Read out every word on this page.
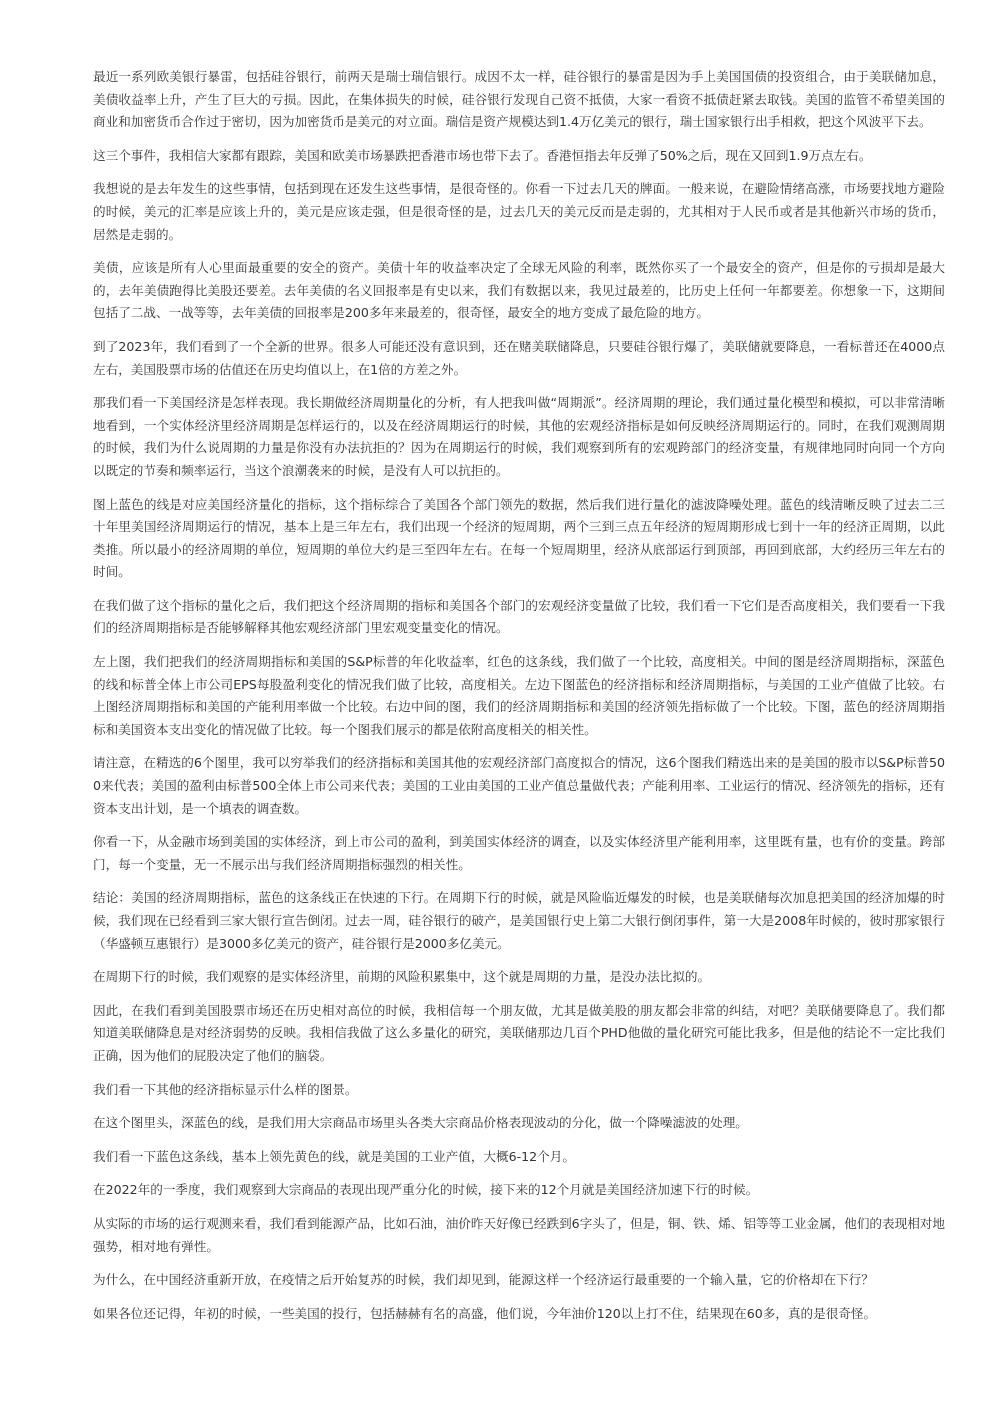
最近一系列欧美银行暴雷，包括硅谷银行，前两天是瑞士瑞信银行。成因不太一样，硅谷银行的暴雷是因为手上美国国债的投资组合，由于美联储加息，美债收益率上升，产生了巨大的亏损。因此，在集体损失的时候，硅谷银行发现自己资不抵债，大家一看资不抵债赶紧去取钱。美国的监管不希望美国的商业和加密货币合作过于密切，因为加密货币是美元的对立面。瑞信是资产规模达到1.4万亿美元的银行，瑞士国家银行出手相救，把这个风波平下去。

这三个事件，我相信大家都有跟踪，美国和欧美市场暴跌把香港市场也带下去了。香港恒指去年反弹了50%之后，现在又回到1.9万点左右。

我想说的是去年发生的这些事情，包括到现在还发生这些事情，是很奇怪的。你看一下过去几天的牌面。一般来说，在避险情绪高涨，市场要找地方避险的时候，美元的汇率是应该上升的，美元是应该走强，但是很奇怪的是，过去几天的美元反而是走弱的，尤其相对于人民币或者是其他新兴市场的货币，居然是走弱的。

美债，应该是所有人心里面最重要的安全的资产。美债十年的收益率决定了全球无风险的利率，既然你买了一个最安全的资产，但是你的亏损却是最大的，去年美债跑得比美股还要差。去年美债的名义回报率是有史以来，我们有数据以来，我见过最差的，比历史上任何一年都要差。你想象一下，这期间包括了二战、一战等等，去年美债的回报率是200多年来最差的，很奇怪，最安全的地方变成了最危险的地方。

到了2023年，我们看到了一个全新的世界。很多人可能还没有意识到，还在赌美联储降息，只要硅谷银行爆了，美联储就要降息，一看标普还在4000点左右，美国股票市场的估值还在历史均值以上，在1倍的方差之外。

那我们看一下美国经济是怎样表现。我长期做经济周期量化的分析，有人把我叫做“周期派”。经济周期的理论，我们通过量化模型和模拟，可以非常清晰地看到，一个实体经济里经济周期是怎样运行的，以及在经济周期运行的时候，其他的宏观经济指标是如何反映经济周期运行的。同时，在我们观测周期的时候，我们为什么说周期的力量是你没有办法抗拒的？因为在周期运行的时候，我们观察到所有的宏观跨部门的经济变量，有规律地同时向同一个方向以既定的节奏和频率运行，当这个浪潮袭来的时候，是没有人可以抗拒的。

图上蓝色的线是对应美国经济量化的指标，这个指标综合了美国各个部门领先的数据，然后我们进行量化的滤波降噪处理。蓝色的线清晰反映了过去二三十年里美国经济周期运行的情况，基本上是三年左右，我们出现一个经济的短周期，两个三到三点五年经济的短周期形成七到十一年的经济正周期，以此类推。所以最小的经济周期的单位，短周期的单位大约是三至四年左右。在每一个短周期里，经济从底部运行到顶部，再回到底部，大约经历三年左右的时间。

在我们做了这个指标的量化之后，我们把这个经济周期的指标和美国各个部门的宏观经济变量做了比较，我们看一下它们是否高度相关，我们要看一下我们的经济周期指标是否能够解释其他宏观经济部门里宏观变量变化的情况。

左上图，我们把我们的经济周期指标和美国的S&P标普的年化收益率，红色的这条线，我们做了一个比较，高度相关。中间的图是经济周期指标，深蓝色的线和标普全体上市公司EPS每股盈利变化的情况我们做了比较，高度相关。左边下图蓝色的经济指标和经济周期指标，与美国的工业产值做了比较。右上图经济周期指标和美国的产能利用率做一个比较。右边中间的图，我们的经济周期指标和美国的经济领先指标做了一个比较。下图，蓝色的经济周期指标和美国资本支出变化的情况做了比较。每一个图我们展示的都是依附高度相关的相关性。

请注意，在精选的6个图里，我可以穷举我们的经济指标和美国其他的宏观经济部门高度拟合的情况，这6个图我们精选出来的是美国的股市以S&P标普500来代表；美国的盈利由标普500全体上市公司来代表；美国的工业由美国的工业产值总量做代表；产能利用率、工业运行的情况、经济领先的指标，还有资本支出计划，是一个填表的调查数。

你看一下，从金融市场到美国的实体经济，到上市公司的盈利，到美国实体经济的调查，以及实体经济里产能利用率，这里既有量，也有价的变量。跨部门，每一个变量，无一不展示出与我们经济周期指标强烈的相关性。

结论：美国的经济周期指标，蓝色的这条线正在快速的下行。在周期下行的时候，就是风险临近爆发的时候，也是美联储每次加息把美国的经济加爆的时候，我们现在已经看到三家大银行宣告倒闭。过去一周，硅谷银行的破产，是美国银行史上第二大银行倒闭事件，第一大是2008年时候的，彼时那家银行（华盛顿互惠银行）是3000多亿美元的资产，硅谷银行是2000多亿美元。

在周期下行的时候，我们观察的是实体经济里，前期的风险积累集中，这个就是周期的力量，是没办法比拟的。

因此，在我们看到美国股票市场还在历史相对高位的时候，我相信每一个朋友做，尤其是做美股的朋友都会非常的纠结，对吧？美联储要降息了。我们都知道美联储降息是对经济弱势的反映。我相信我做了这么多量化的研究，美联储那边几百个PHD他做的量化研究可能比我多，但是他的结论不一定比我们正确，因为他们的屁股决定了他们的脑袋。

我们看一下其他的经济指标显示什么样的图景。

在这个图里头，深蓝色的线，是我们用大宗商品市场里头各类大宗商品价格表现波动的分化，做一个降噪滤波的处理。

我们看一下蓝色这条线，基本上领先黄色的线，就是美国的工业产值，大概6-12个月。

在2022年的一季度，我们观察到大宗商品的表现出现严重分化的时候，接下来的12个月就是美国经济加速下行的时候。

从实际的市场的运行观测来看，我们看到能源产品，比如石油，油价昨天好像已经跌到6字头了，但是，铜、铁、烯、铝等等工业金属，他们的表现相对地强势，相对地有弹性。

为什么，在中国经济重新开放，在疫情之后开始复苏的时候，我们却见到，能源这样一个经济运行最重要的一个输入量，它的价格却在下行？

如果各位还记得，年初的时候，一些美国的投行，包括赫赫有名的高盛，他们说，今年油价120以上打不住，结果现在60多，真的是很奇怪。
